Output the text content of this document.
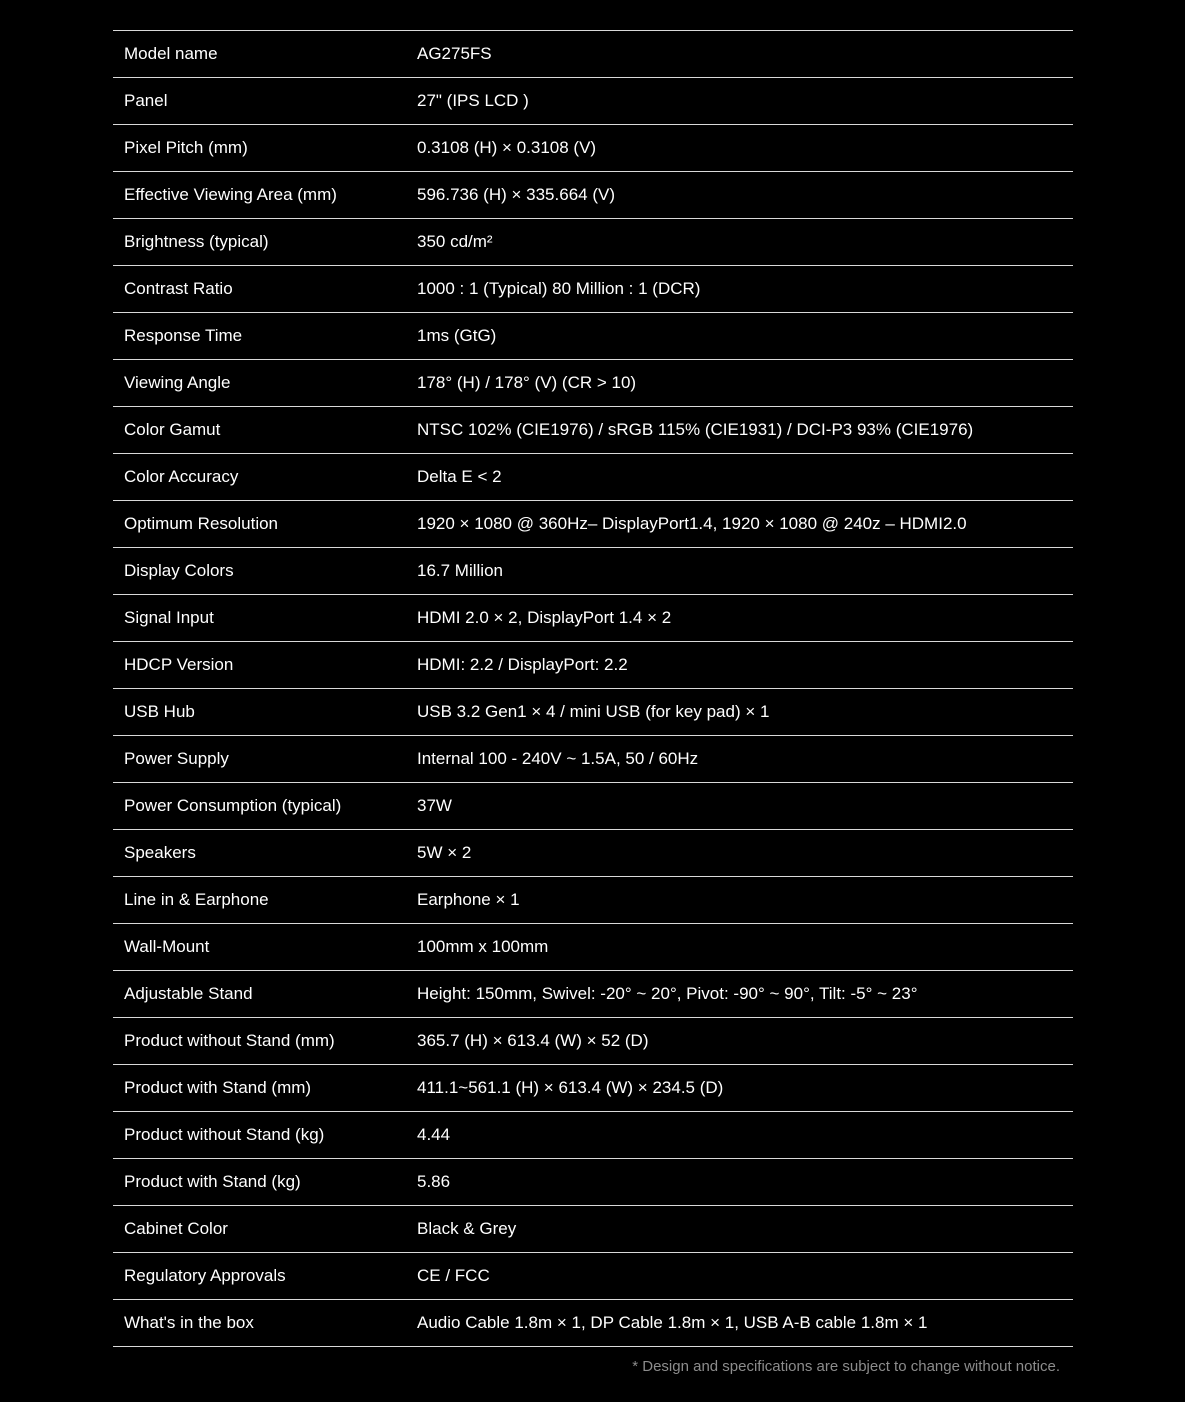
Model name	AG275FS
Panel	27" (IPS LCD )
Pixel Pitch (mm)	0.3108 (H) × 0.3108 (V)
Effective Viewing Area (mm)	596.736 (H) × 335.664 (V)
Brightness (typical)	350 cd/m²
Contrast Ratio	1000 : 1 (Typical) 80 Million : 1 (DCR)
Response Time	1ms (GtG)
Viewing Angle	178° (H) / 178° (V) (CR > 10)
Color Gamut	NTSC 102% (CIE1976) / sRGB 115% (CIE1931) / DCI-P3 93% (CIE1976)
Color Accuracy	Delta E < 2
Optimum Resolution	1920 × 1080 @ 360Hz– DisplayPort1.4, 1920 × 1080 @ 240z – HDMI2.0
Display Colors	16.7 Million
Signal Input	HDMI 2.0 × 2, DisplayPort 1.4 × 2
HDCP Version	HDMI: 2.2 / DisplayPort: 2.2
USB Hub	USB 3.2 Gen1 × 4 / mini USB (for key pad) × 1
Power Supply	Internal 100 - 240V ~ 1.5A, 50 / 60Hz
Power Consumption (typical)	37W
Speakers	5W × 2
Line in & Earphone	Earphone × 1
Wall-Mount	100mm x 100mm
Adjustable Stand	Height: 150mm, Swivel: -20° ~ 20°, Pivot: -90° ~ 90°, Tilt: -5° ~ 23°
Product without Stand (mm)	365.7 (H) × 613.4 (W) × 52 (D)
Product with Stand (mm)	411.1~561.1 (H) × 613.4 (W) × 234.5 (D)
Product without Stand (kg)	4.44
Product with Stand (kg)	5.86
Cabinet Color	Black & Grey
Regulatory Approvals	CE / FCC
What's in the box	Audio Cable 1.8m × 1, DP Cable 1.8m × 1, USB A-B cable 1.8m × 1
* Design and specifications are subject to change without notice.
